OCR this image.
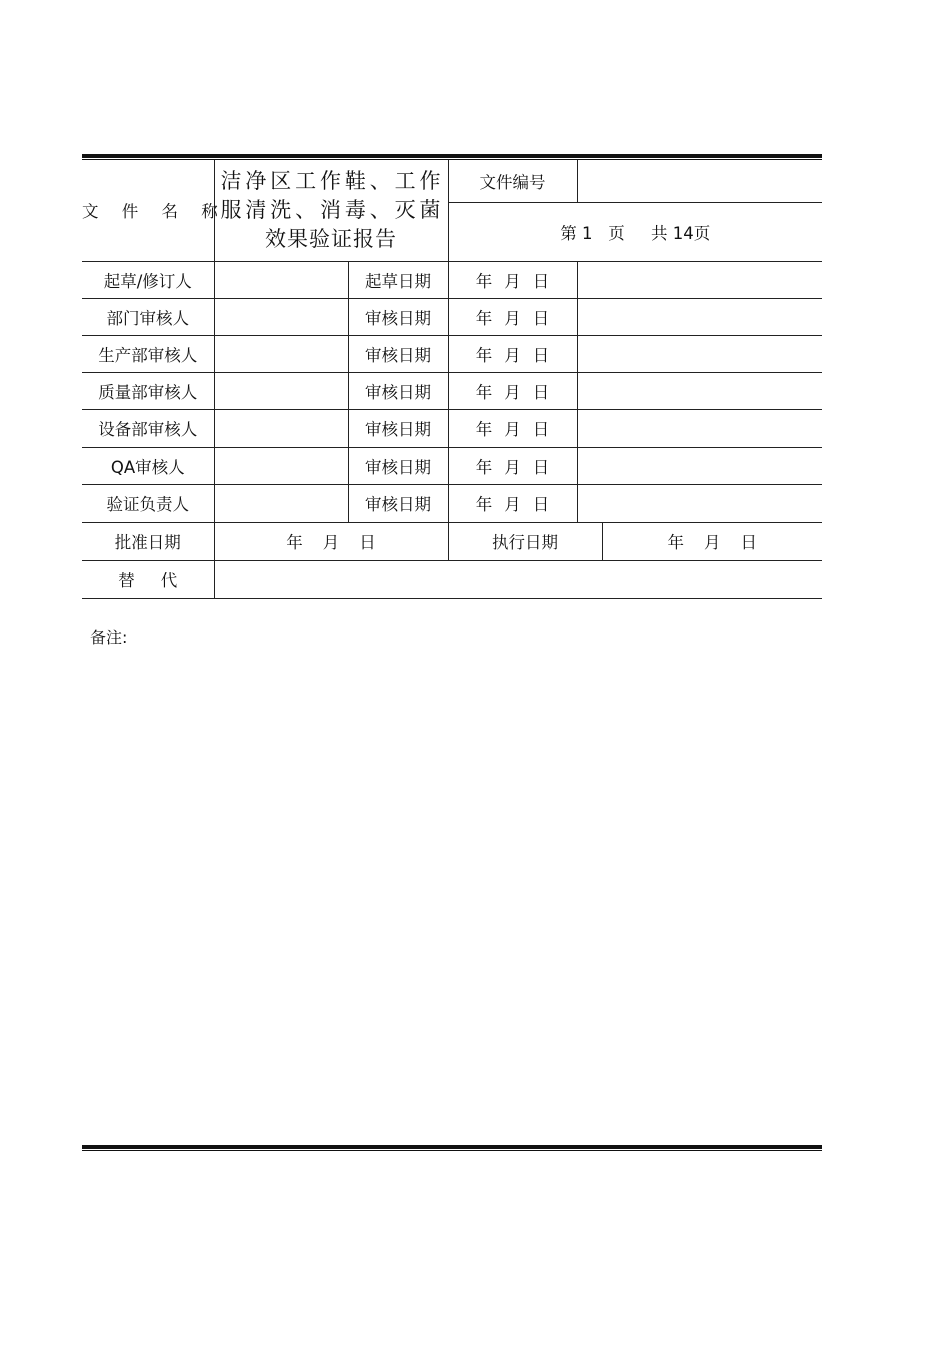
文 件 名 称	洁净区工作鞋、工作
服清洗、消毒、灭菌
效果验证报告		文件编号		
			第 1 页 共 14页		
起草/修订人		起草日期	年 月 日		
部门审核人		审核日期	年 月 日		
生产部审核人		审核日期	年 月 日		
质量部审核人		审核日期	年 月 日		
设备部审核人		审核日期	年 月 日		
QA审核人		审核日期	年 月 日		
验证负责人		审核日期	年 月 日		
批准日期	年 月 日		执行日期		年 月 日
替 代					
备注:
